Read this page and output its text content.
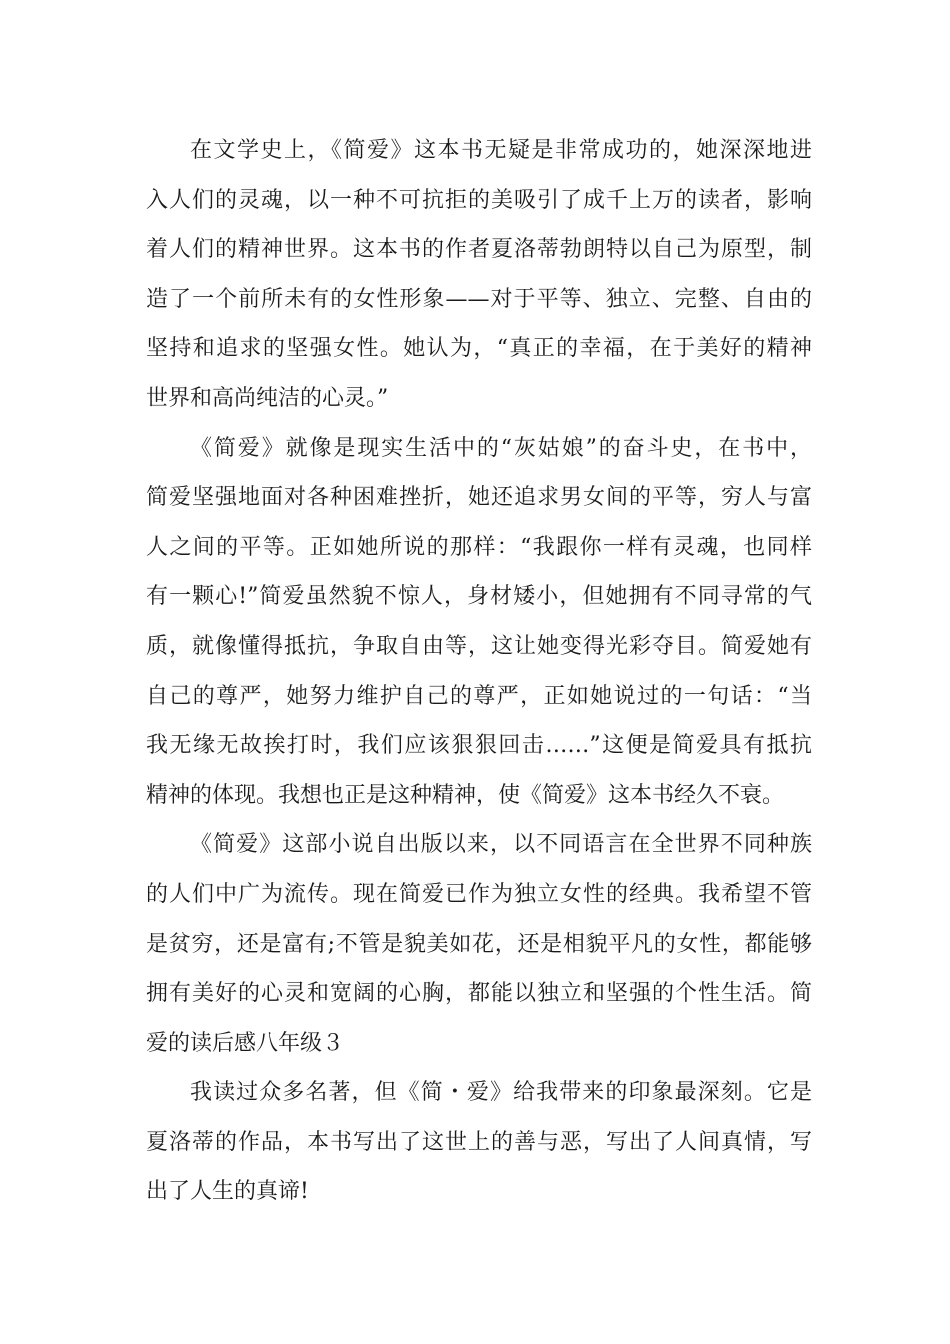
在文学史上，《简爱》这本书无疑是非常成功的，她深深地进
入人们的灵魂，以一种不可抗拒的美吸引了成千上万的读者，影响
着人们的精神世界。这本书的作者夏洛蒂勃朗特以自己为原型，制
造了一个前所未有的女性形象——对于平等、独立、完整、自由的
坚持和追求的坚强女性。她认为，“真正的幸福，在于美好的精神
世界和高尚纯洁的心灵。”
《简爱》就像是现实生活中的“灰姑娘”的奋斗史，在书中，
简爱坚强地面对各种困难挫折，她还追求男女间的平等，穷人与富
人之间的平等。正如她所说的那样：“我跟你一样有灵魂，也同样
有一颗心!”简爱虽然貌不惊人，身材矮小，但她拥有不同寻常的气
质，就像懂得抵抗，争取自由等，这让她变得光彩夺目。简爱她有
自己的尊严，她努力维护自己的尊严，正如她说过的一句话：“当
我无缘无故挨打时，我们应该狠狠回击……”这便是简爱具有抵抗
精神的体现。我想也正是这种精神，使《简爱》这本书经久不衰。
《简爱》这部小说自出版以来，以不同语言在全世界不同种族
的人们中广为流传。现在简爱已作为独立女性的经典。我希望不管
是贫穷，还是富有;不管是貌美如花，还是相貌平凡的女性，都能够
拥有美好的心灵和宽阔的心胸，都能以独立和坚强的个性生活。简
爱的读后感八年级３
我读过众多名著，但《简・爱》给我带来的印象最深刻。它是
夏洛蒂的作品，本书写出了这世上的善与恶，写出了人间真情，写
出了人生的真谛!
